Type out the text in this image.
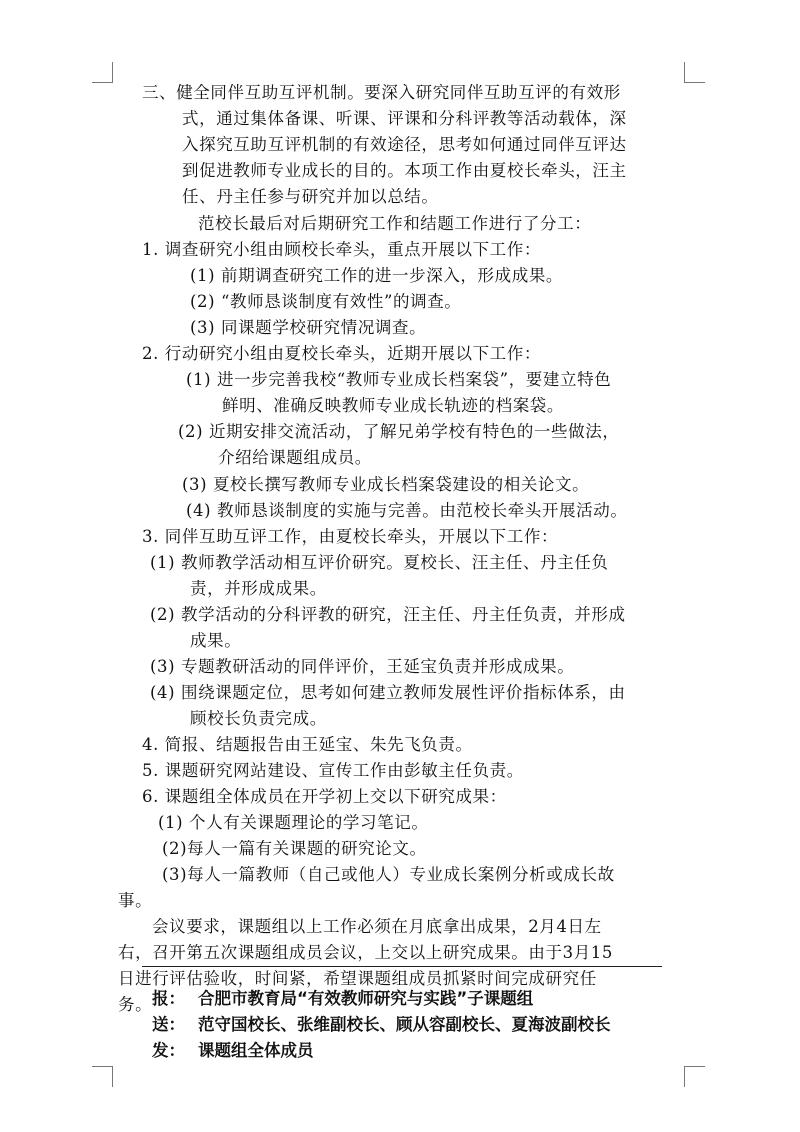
三、健全同伴互助互评机制。要深入研究同伴互助互评的有效形
式，通过集体备课、听课、评课和分科评教等活动载体，深
入探究互助互评机制的有效途径，思考如何通过同伴互评达
到促进教师专业成长的目的。本项工作由夏校长牵头，汪主
任、丹主任参与研究并加以总结。
范校长最后对后期研究工作和结题工作进行了分工：
1. 调查研究小组由顾校长牵头，重点开展以下工作：
(1) 前期调查研究工作的进一步深入，形成成果。
(2) “教师恳谈制度有效性”的调查。
(3) 同课题学校研究情况调查。
2. 行动研究小组由夏校长牵头，近期开展以下工作：
(1) 进一步完善我校“教师专业成长档案袋”，要建立特色
鲜明、准确反映教师专业成长轨迹的档案袋。
(2) 近期安排交流活动，了解兄弟学校有特色的一些做法，
介绍给课题组成员。
(3) 夏校长撰写教师专业成长档案袋建设的相关论文。
(4) 教师恳谈制度的实施与完善。由范校长牵头开展活动。
3. 同伴互助互评工作，由夏校长牵头，开展以下工作：
(1) 教师教学活动相互评价研究。夏校长、汪主任、丹主任负
责，并形成成果。
(2) 教学活动的分科评教的研究，汪主任、丹主任负责，并形成
成果。
(3) 专题教研活动的同伴评价，王延宝负责并形成成果。
(4) 围绕课题定位，思考如何建立教师发展性评价指标体系，由
顾校长负责完成。
4. 简报、结题报告由王延宝、朱先飞负责。
5. 课题研究网站建设、宣传工作由彭敏主任负责。
6. 课题组全体成员在开学初上交以下研究成果：
(1) 个人有关课题理论的学习笔记。
(2)每人一篇有关课题的研究论文。
(3)每人一篇教师（自己或他人）专业成长案例分析或成长故
事。
会议要求，课题组以上工作必须在月底拿出成果，2月4日左
右，召开第五次课题组成员会议，上交以上研究成果。由于3月15
日进行评估验收，时间紧，希望课题组成员抓紧时间完成研究任
务。 报： 合肥市教育局“有效教师研究与实践”子课题组
送： 范守国校长、张维副校长、顾从容副校长、夏海波副校长
发： 课题组全体成员
